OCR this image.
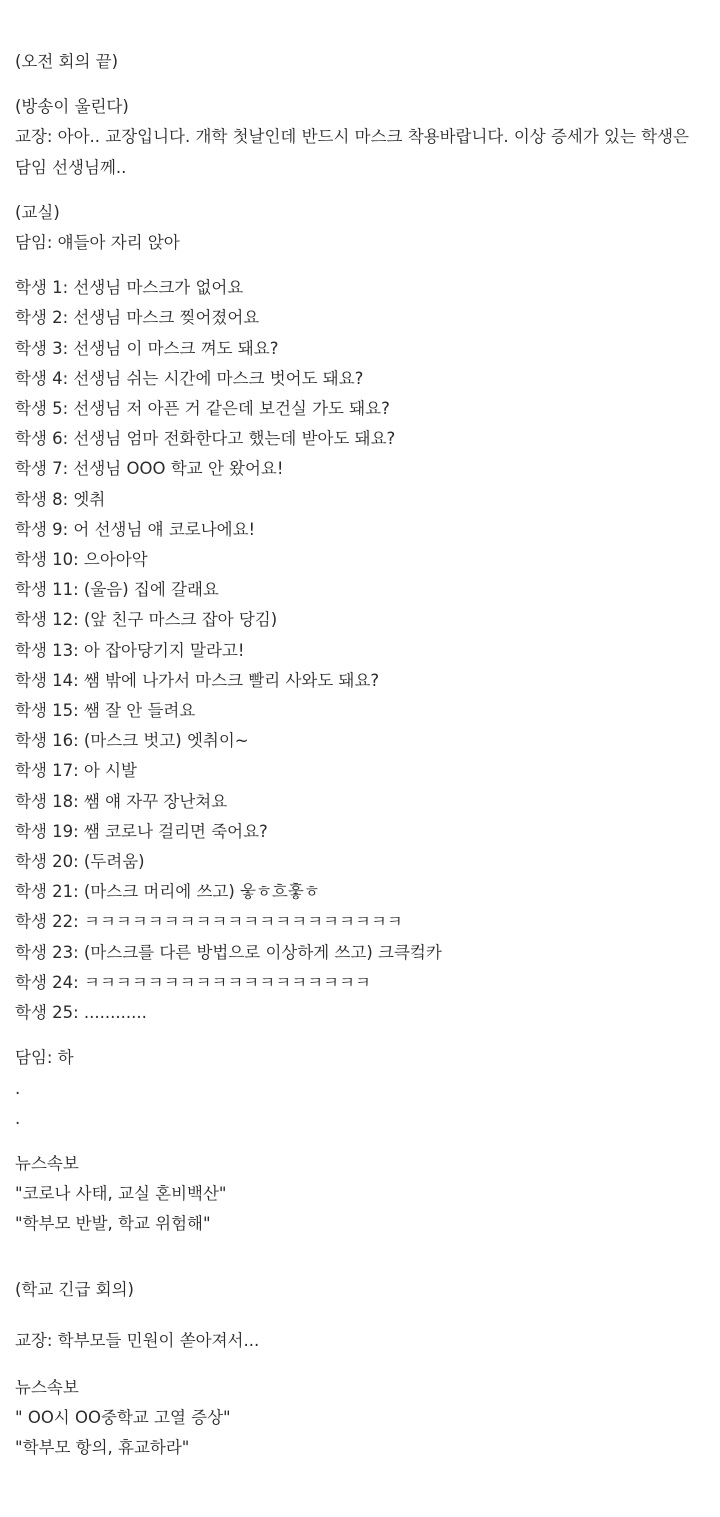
(오전 회의 끝)
(방송이 울린다)
교장: 아아.. 교장입니다. 개학 첫날인데 반드시 마스크 착용바랍니다. 이상 증세가 있는 학생은
담임 선생님께..
(교실)
담임: 얘들아 자리 앉아
학생 1: 선생님 마스크가 없어요
학생 2: 선생님 마스크 찢어졌어요
학생 3: 선생님 이 마스크 껴도 돼요?
학생 4: 선생님 쉬는 시간에 마스크 벗어도 돼요?
학생 5: 선생님 저 아픈 거 같은데 보건실 가도 돼요?
학생 6: 선생님 엄마 전화한다고 했는데 받아도 돼요?
학생 7: 선생님 OOO 학교 안 왔어요!
학생 8: 엣취
학생 9: 어 선생님 얘 코로나에요!
학생 10: 으아아악
학생 11: (울음) 집에 갈래요
학생 12: (앞 친구 마스크 잡아 당김)
학생 13: 아 잡아당기지 말라고!
학생 14: 쌤 밖에 나가서 마스크 빨리 사와도 돼요?
학생 15: 쌤 잘 안 들려요
학생 16: (마스크 벗고) 엣취이~
학생 17: 아 시발
학생 18: 쌤 얘 자꾸 장난쳐요
학생 19: 쌤 코로나 걸리면 죽어요?
학생 20: (두려움)
학생 21: (마스크 머리에 쓰고) 웋ㅎ흐훟ㅎ
학생 22: ㅋㅋㅋㅋㅋㅋㅋㅋㅋㅋㅋㅋㅋㅋㅋㅋㅋㅋㅋㅋ
학생 23: (마스크를 다른 방법으로 이상하게 쓰고) 크큭컼카
학생 24: ㅋㅋㅋㅋㅋㅋㅋㅋㅋㅋㅋㅋㅋㅋㅋㅋㅋㅋ
학생 25: ............
담임: 하
.
.
뉴스속보
"코로나 사태, 교실 혼비백산"
"학부모 반발, 학교 위험해"
(학교 긴급 회의)
교장: 학부모들 민원이 쏟아져서...
뉴스속보
" OO시 OO중학교 고열 증상"
"학부모 항의, 휴교하라"
